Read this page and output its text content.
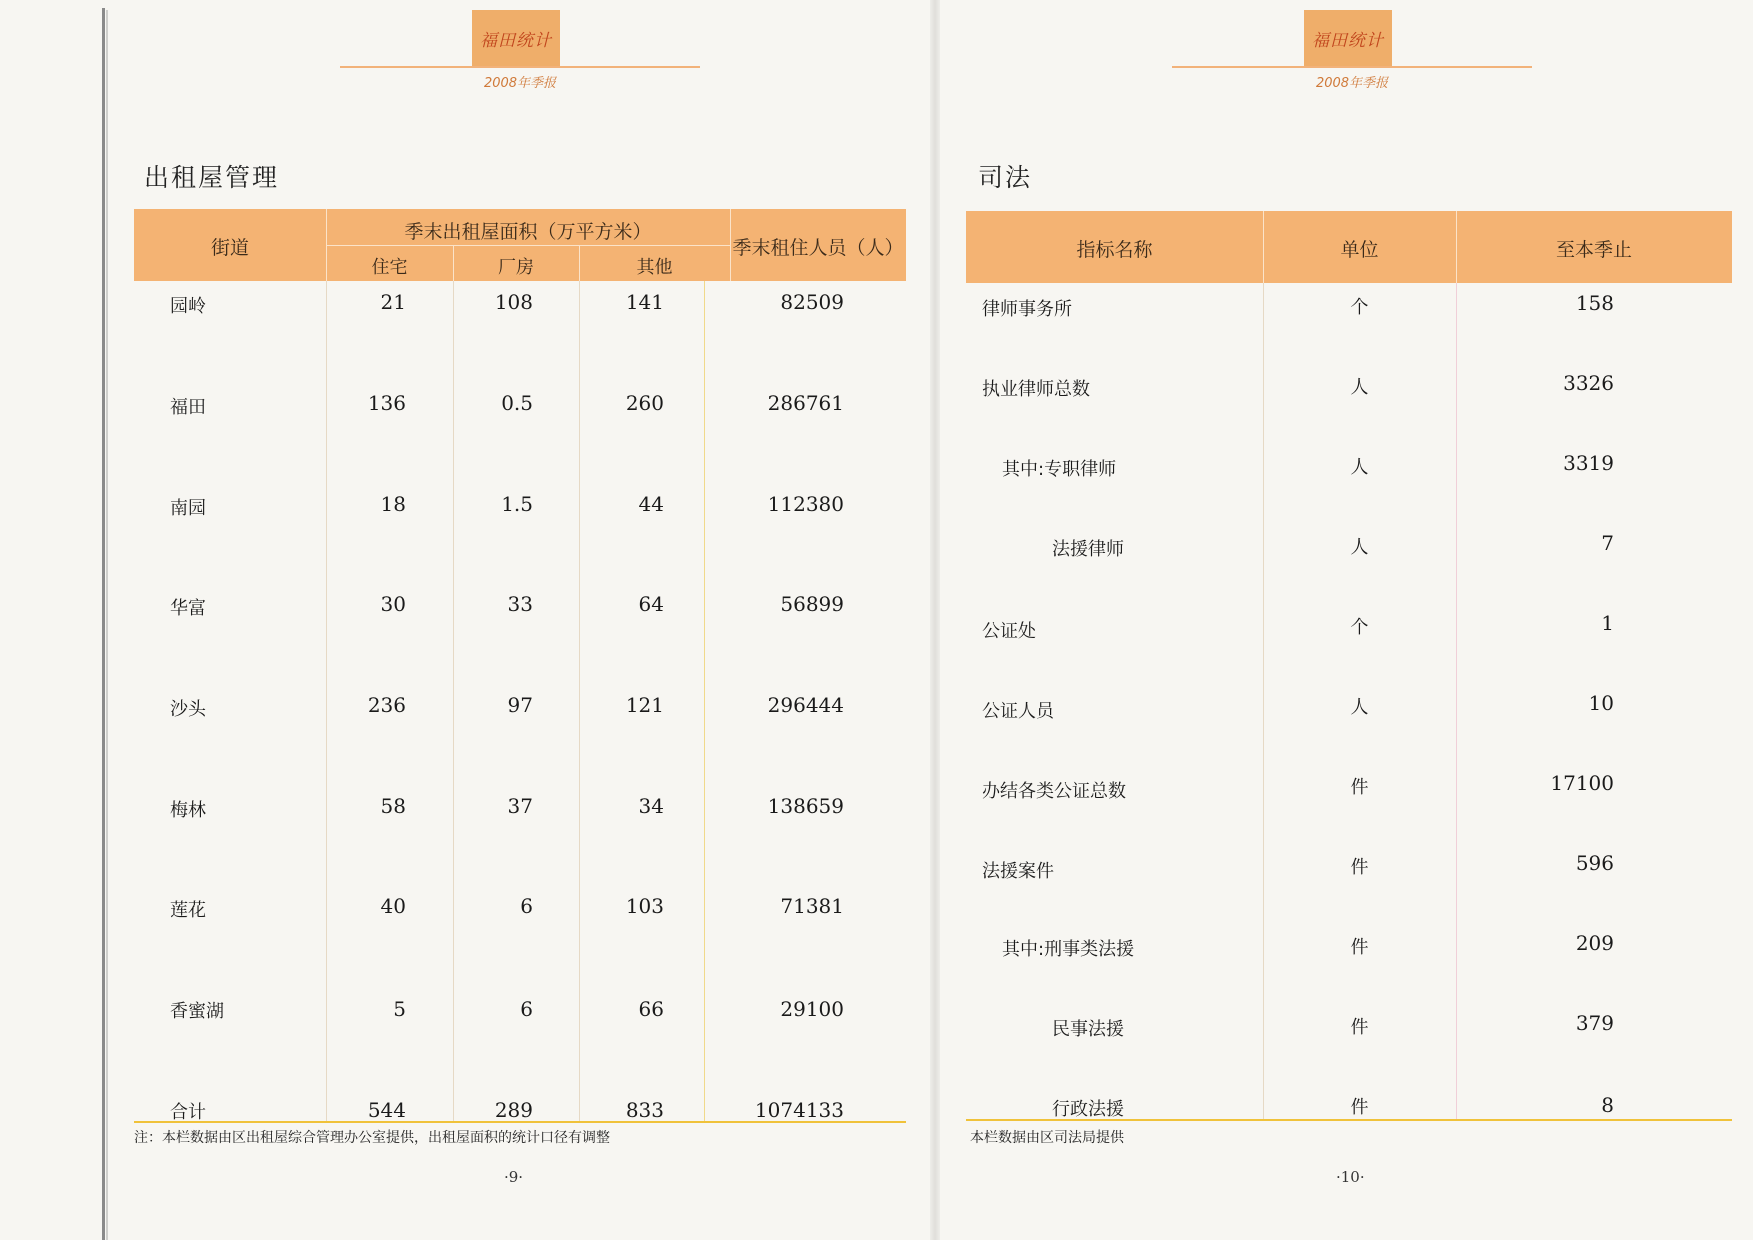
福田统计
2008年季报
出租屋管理
街道
季末出租屋面积（万平方米）
住宅	厂房	其他
季末租住人员（人）
园岭	21	108	141	82509
福田	136	0.5	260	286761
南园	18	1.5	44	112380
华富	30	33	64	56899
沙头	236	97	121	296444
梅林	58	37	34	138659
莲花	40	6	103	71381
香蜜湖	5	6	66	29100
合计	544	289	833	1074133
注：本栏数据由区出租屋综合管理办公室提供，出租屋面积的统计口径有调整
·9·
福田统计
2008年季报
司法
指标名称	单位	至本季止
律师事务所	个	158
执业律师总数	人	3326
其中:专职律师	人	3319
法援律师	人	7
公证处	个	1
公证人员	人	10
办结各类公证总数	件	17100
法援案件	件	596
其中:刑事类法援	件	209
民事法援	件	379
行政法援	件	8
本栏数据由区司法局提供
·10·
